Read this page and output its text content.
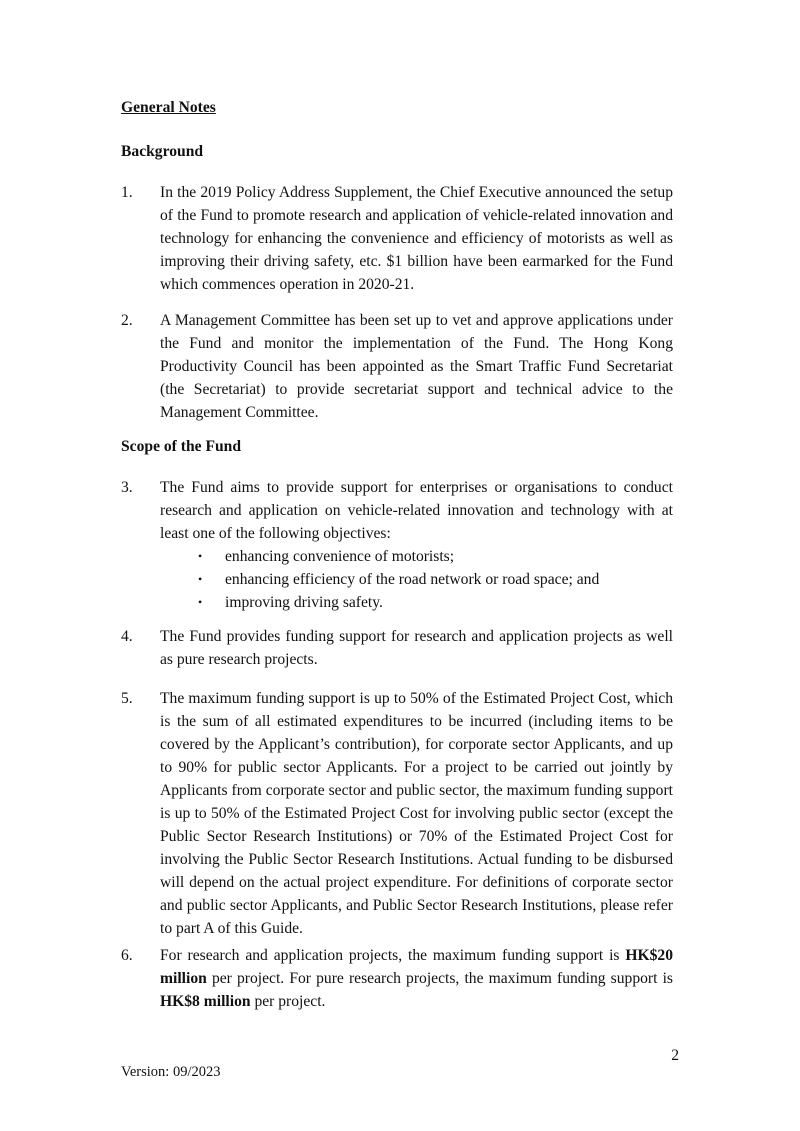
General Notes
Background
1.	In the 2019 Policy Address Supplement, the Chief Executive announced the setup of the Fund to promote research and application of vehicle-related innovation and technology for enhancing the convenience and efficiency of motorists as well as improving their driving safety, etc. $1 billion have been earmarked for the Fund which commences operation in 2020-21.
2.	A Management Committee has been set up to vet and approve applications under the Fund and monitor the implementation of the Fund. The Hong Kong Productivity Council has been appointed as the Smart Traffic Fund Secretariat (the Secretariat) to provide secretariat support and technical advice to the Management Committee.
Scope of the Fund
3.	The Fund aims to provide support for enterprises or organisations to conduct research and application on vehicle-related innovation and technology with at least one of the following objectives:
• enhancing convenience of motorists;
• enhancing efficiency of the road network or road space; and
• improving driving safety.
4.	The Fund provides funding support for research and application projects as well as pure research projects.
5.	The maximum funding support is up to 50% of the Estimated Project Cost, which is the sum of all estimated expenditures to be incurred (including items to be covered by the Applicant’s contribution), for corporate sector Applicants, and up to 90% for public sector Applicants. For a project to be carried out jointly by Applicants from corporate sector and public sector, the maximum funding support is up to 50% of the Estimated Project Cost for involving public sector (except the Public Sector Research Institutions) or 70% of the Estimated Project Cost for involving the Public Sector Research Institutions. Actual funding to be disbursed will depend on the actual project expenditure. For definitions of corporate sector and public sector Applicants, and Public Sector Research Institutions, please refer to part A of this Guide.
6.	For research and application projects, the maximum funding support is HK$20 million per project. For pure research projects, the maximum funding support is HK$8 million per project.
2
Version: 09/2023
